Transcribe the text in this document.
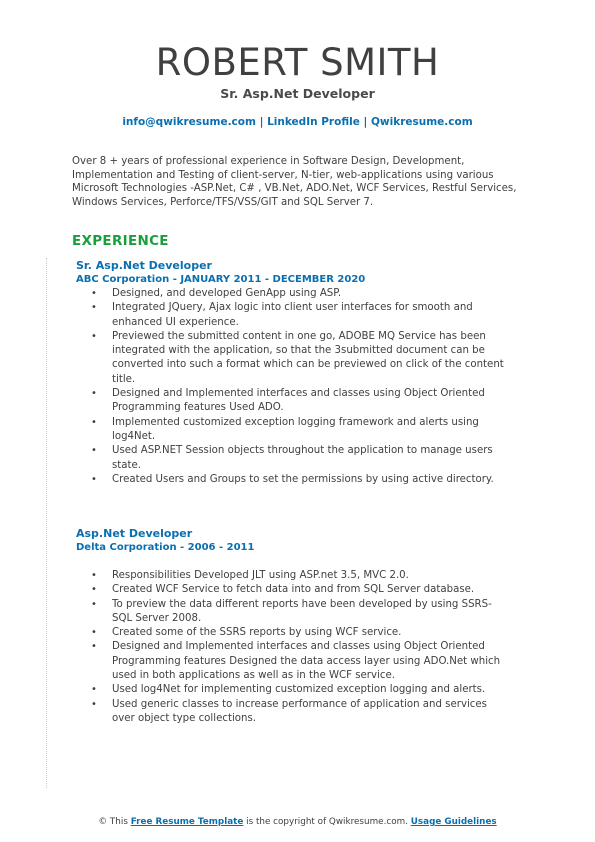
ROBERT SMITH
Sr. Asp.Net Developer
info@qwikresume.com | LinkedIn Profile | Qwikresume.com
Over 8 + years of professional experience in Software Design, Development, Implementation and Testing of client-server, N-tier, web-applications using various Microsoft Technologies -ASP.Net, C# , VB.Net, ADO.Net, WCF Services, Restful Services, Windows Services, Perforce/TFS/VSS/GIT and SQL Server 7.
EXPERIENCE
Sr. Asp.Net Developer
ABC Corporation - JANUARY 2011 - DECEMBER 2020
• Designed, and developed GenApp using ASP.
• Integrated JQuery, Ajax logic into client user interfaces for smooth and enhanced UI experience.
• Previewed the submitted content in one go, ADOBE MQ Service has been integrated with the application, so that the 3submitted document can be converted into such a format which can be previewed on click of the content title.
• Designed and Implemented interfaces and classes using Object Oriented Programming features Used ADO.
• Implemented customized exception logging framework and alerts using log4Net.
• Used ASP.NET Session objects throughout the application to manage users state.
• Created Users and Groups to set the permissions by using active directory.
Asp.Net Developer
Delta Corporation - 2006 - 2011
• Responsibilities Developed JLT using ASP.net 3.5, MVC 2.0.
• Created WCF Service to fetch data into and from SQL Server database.
• To preview the data different reports have been developed by using SSRS-SQL Server 2008.
• Created some of the SSRS reports by using WCF service.
• Designed and Implemented interfaces and classes using Object Oriented Programming features Designed the data access layer using ADO.Net which used in both applications as well as in the WCF service.
• Used log4Net for implementing customized exception logging and alerts.
• Used generic classes to increase performance of application and services over object type collections.
© This Free Resume Template is the copyright of Qwikresume.com. Usage Guidelines
